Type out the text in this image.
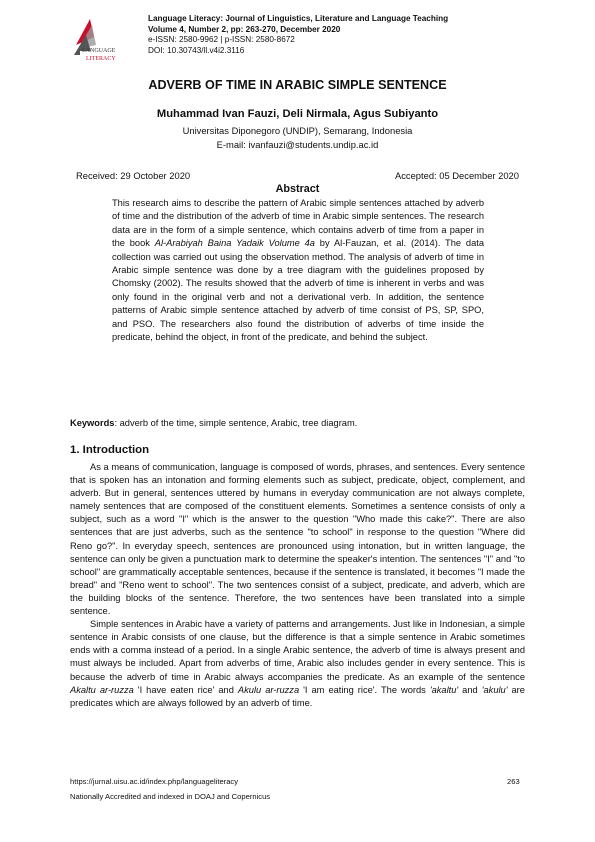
LANGUAGE
LITERACY
Language Literacy: Journal of Linguistics, Literature and Language Teaching
Volume 4, Number 2, pp: 263-270, December 2020
e-ISSN: 2580-9962 | p-ISSN: 2580-8672
DOI: 10.30743/ll.v4i2.3116
ADVERB OF TIME IN ARABIC SIMPLE SENTENCE
Muhammad Ivan Fauzi, Deli Nirmala, Agus Subiyanto
Universitas Diponegoro (UNDIP), Semarang, Indonesia
E-mail: ivanfauzi@students.undip.ac.id
Received: 29 October 2020	Accepted: 05 December 2020
Abstract
This research aims to describe the pattern of Arabic simple sentences attached by adverb of time and the distribution of the adverb of time in Arabic simple sentences. The research data are in the form of a simple sentence, which contains adverb of time from a paper in the book Al-Arabiyah Baina Yadaik Volume 4a by Al-Fauzan, et al. (2014). The data collection was carried out using the observation method. The analysis of adverb of time in Arabic simple sentence was done by a tree diagram with the guidelines proposed by Chomsky (2002). The results showed that the adverb of time is inherent in verbs and was only found in the original verb and not a derivational verb. In addition, the sentence patterns of Arabic simple sentence attached by adverb of time consist of PS, SP, SPO, and PSO. The researchers also found the distribution of adverbs of time inside the predicate, behind the object, in front of the predicate, and behind the subject.
Keywords: adverb of the time, simple sentence, Arabic, tree diagram.
1. Introduction

As a means of communication, language is composed of words, phrases, and sentences. Every sentence that is spoken has an intonation and forming elements such as subject, predicate, object, complement, and adverb. But in general, sentences uttered by humans in everyday communication are not always complete, namely sentences that are composed of the constituent elements. Sometimes a sentence consists of only a subject, such as a word "I" which is the answer to the question "Who made this cake?". There are also sentences that are just adverbs, such as the sentence "to school" in response to the question "Where did Reno go?". In everyday speech, sentences are pronounced using intonation, but in written language, the sentence can only be given a punctuation mark to determine the speaker's intention. The sentences "I" and "to school" are grammatically acceptable sentences, because if the sentence is translated, it becomes "I made the bread" and "Reno went to school". The two sentences consist of a subject, predicate, and adverb, which are the building blocks of the sentence. Therefore, the two sentences have been translated into a simple sentence.

Simple sentences in Arabic have a variety of patterns and arrangements. Just like in Indonesian, a simple sentence in Arabic consists of one clause, but the difference is that a simple sentence in Arabic sometimes ends with a comma instead of a period. In a single Arabic sentence, the adverb of time is always present and must always be included. Apart from adverbs of time, Arabic also includes gender in every sentence. This is because the adverb of time in Arabic always accompanies the predicate. As an example of the sentence Akaltu ar-ruzza 'I have eaten rice' and Akulu ar-ruzza 'I am eating rice'. The words 'akaltu' and 'akulu' are predicates which are always followed by an adverb of time.

https://jurnal.uisu.ac.id/index.php/languageliteracy	263
Nationally Accredited and indexed in DOAJ and Copernicus
